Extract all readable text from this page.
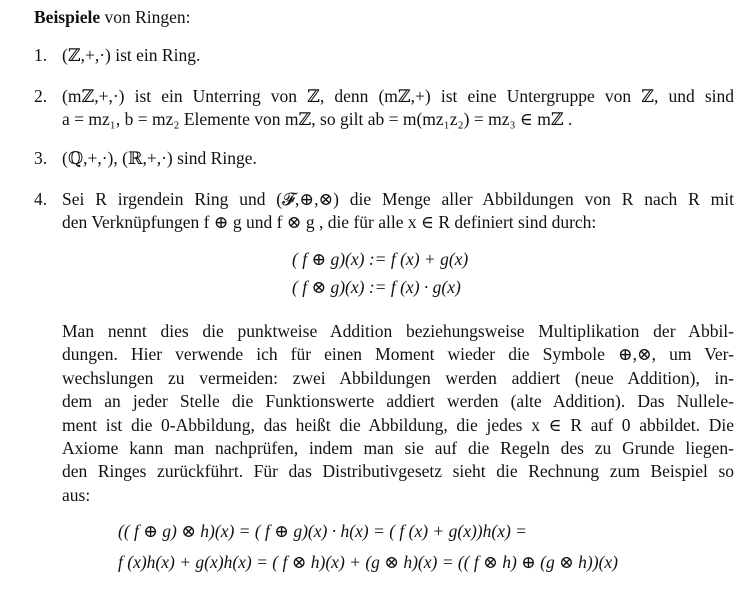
Beispiele von Ringen:
1. (ℤ,+,·) ist ein Ring.
2. (mℤ,+,·) ist ein Unterring von ℤ, denn (mℤ,+) ist eine Untergruppe von ℤ, und sind
a = mz₁, b = mz₂ Elemente von mℤ, so gilt ab = m(mz₁z₂) = mz₃ ∈ mℤ .
3. (ℚ,+,·), (ℝ,+,·) sind Ringe.
4. Sei R irgendein Ring und (𝓕,⊕,⊗) die Menge aller Abbildungen von R nach R mit
den Verknüpfungen f ⊕ g und f ⊗ g , die für alle x ∈ R definiert sind durch:
( f ⊕ g)(x) := f (x) + g(x)
( f ⊗ g)(x) := f (x) · g(x)
Man nennt dies die punktweise Addition beziehungsweise Multiplikation der Abbil-
dungen. Hier verwende ich für einen Moment wieder die Symbole ⊕,⊗, um Ver-
wechslungen zu vermeiden: zwei Abbildungen werden addiert (neue Addition), in-
dem an jeder Stelle die Funktionswerte addiert werden (alte Addition). Das Nullele-
ment ist die 0-Abbildung, das heißt die Abbildung, die jedes x ∈ R auf 0 abbildet. Die
Axiome kann man nachprüfen, indem man sie auf die Regeln des zu Grunde liegen-
den Ringes zurückführt. Für das Distributivgesetz sieht die Rechnung zum Beispiel so
aus:
(( f ⊕ g) ⊗ h)(x) = ( f ⊕ g)(x) · h(x) = ( f (x) + g(x))h(x) =
f (x)h(x) + g(x)h(x) = ( f ⊗ h)(x) + (g ⊗ h)(x) = (( f ⊗ h) ⊕ (g ⊗ h))(x)
